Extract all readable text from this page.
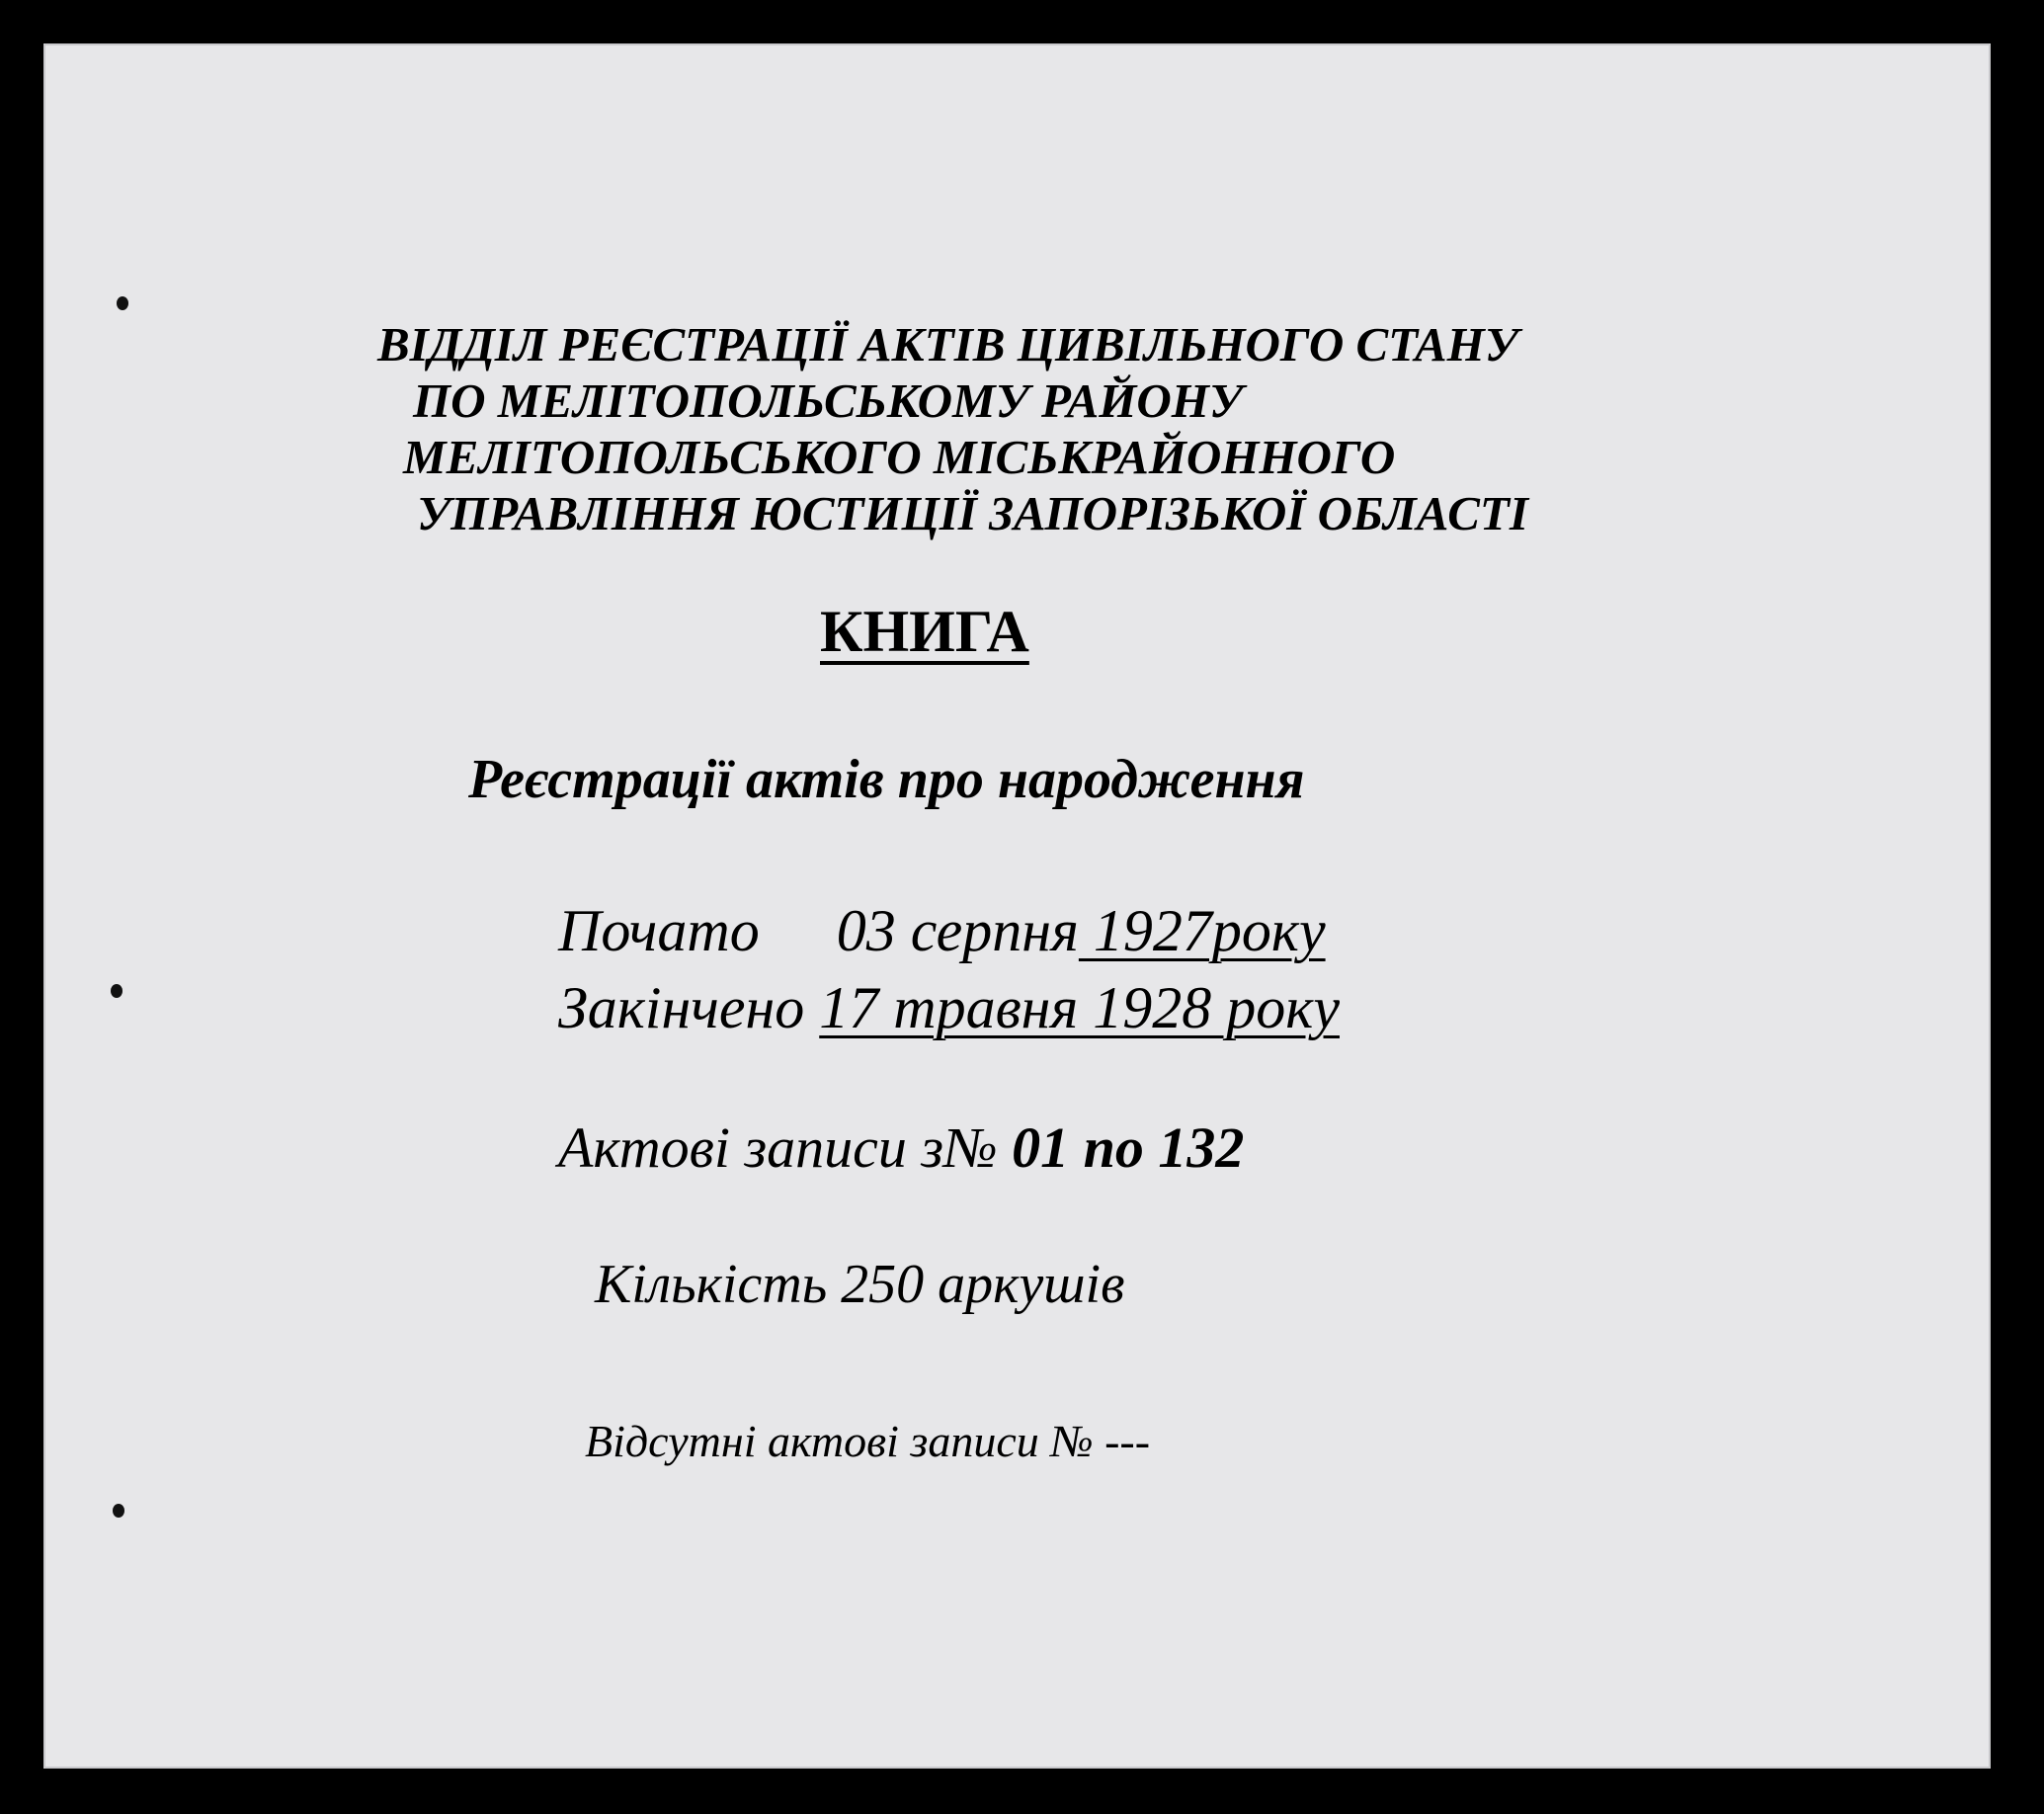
ВІДДІЛ РЕЄСТРАЦІЇ АКТІВ ЦИВІЛЬНОГО СТАНУ
ПО МЕЛІТОПОЛЬСЬКОМУ РАЙОНУ
МЕЛІТОПОЛЬСЬКОГО МІСЬКРАЙОННОГО
УПРАВЛІННЯ ЮСТИЦІЇ ЗАПОРІЗЬКОЇ ОБЛАСТІ
КНИГА
Реєстрації актів про народження
Почато 03 серпня 1927року
Закінчено 17 травня 1928 року
Актові записи з№ 01 по 132
Кількість 250 аркушів
Відсутні актові записи № ---
